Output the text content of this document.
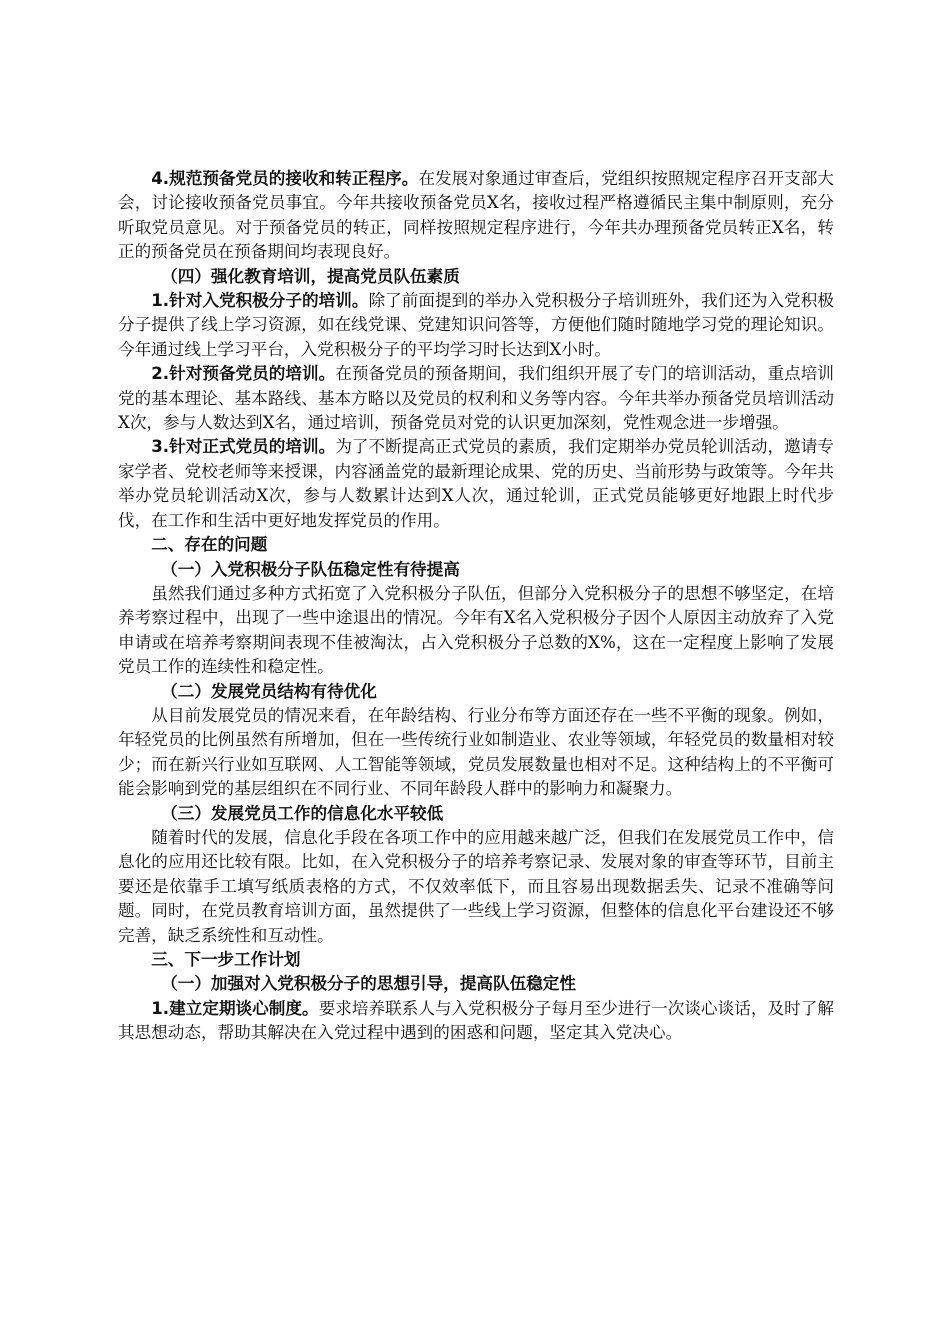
4.规范预备党员的接收和转正程序。在发展对象通过审查后，党组织按照规定程序召开支部大会，讨论接收预备党员事宜。今年共接收预备党员X名，接收过程严格遵循民主集中制原则，充分听取党员意见。对于预备党员的转正，同样按照规定程序进行，今年共办理预备党员转正X名，转正的预备党员在预备期间均表现良好。

（四）强化教育培训，提高党员队伍素质

1.针对入党积极分子的培训。除了前面提到的举办入党积极分子培训班外，我们还为入党积极分子提供了线上学习资源，如在线党课、党建知识问答等，方便他们随时随地学习党的理论知识。今年通过线上学习平台，入党积极分子的平均学习时长达到X小时。

2.针对预备党员的培训。在预备党员的预备期间，我们组织开展了专门的培训活动，重点培训党的基本理论、基本路线、基本方略以及党员的权利和义务等内容。今年共举办预备党员培训活动X次，参与人数达到X名，通过培训，预备党员对党的认识更加深刻，党性观念进一步增强。

3.针对正式党员的培训。为了不断提高正式党员的素质，我们定期举办党员轮训活动，邀请专家学者、党校老师等来授课，内容涵盖党的最新理论成果、党的历史、当前形势与政策等。今年共举办党员轮训活动X次，参与人数累计达到X人次，通过轮训，正式党员能够更好地跟上时代步伐，在工作和生活中更好地发挥党员的作用。

二、存在的问题

（一）入党积极分子队伍稳定性有待提高

虽然我们通过多种方式拓宽了入党积极分子队伍，但部分入党积极分子的思想不够坚定，在培养考察过程中，出现了一些中途退出的情况。今年有X名入党积极分子因个人原因主动放弃了入党申请或在培养考察期间表现不佳被淘汰，占入党积极分子总数的X%，这在一定程度上影响了发展党员工作的连续性和稳定性。

（二）发展党员结构有待优化

从目前发展党员的情况来看，在年龄结构、行业分布等方面还存在一些不平衡的现象。例如，年轻党员的比例虽然有所增加，但在一些传统行业如制造业、农业等领域，年轻党员的数量相对较少；而在新兴行业如互联网、人工智能等领域，党员发展数量也相对不足。这种结构上的不平衡可能会影响到党的基层组织在不同行业、不同年龄段人群中的影响力和凝聚力。

（三）发展党员工作的信息化水平较低

随着时代的发展，信息化手段在各项工作中的应用越来越广泛，但我们在发展党员工作中，信息化的应用还比较有限。比如，在入党积极分子的培养考察记录、发展对象的审查等环节，目前主要还是依靠手工填写纸质表格的方式，不仅效率低下，而且容易出现数据丢失、记录不准确等问题。同时，在党员教育培训方面，虽然提供了一些线上学习资源，但整体的信息化平台建设还不够完善，缺乏系统性和互动性。

三、下一步工作计划

（一）加强对入党积极分子的思想引导，提高队伍稳定性

1.建立定期谈心制度。要求培养联系人与入党积极分子每月至少进行一次谈心谈话，及时了解其思想动态，帮助其解决在入党过程中遇到的困惑和问题，坚定其入党决心。
